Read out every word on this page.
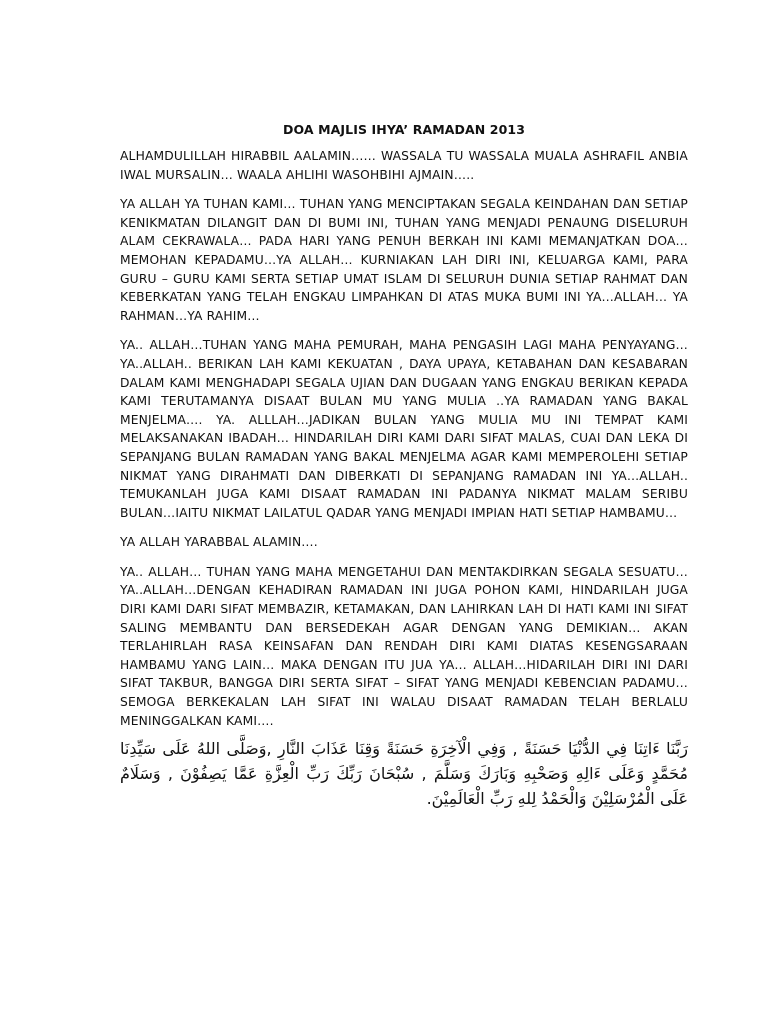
DOA MAJLIS IHYA’ RAMADAN 2013

ALHAMDULILLAH HIRABBIL AALAMIN…… WASSALA TU WASSALA MUALA ASHRAFIL ANBIA IWAL MURSALIN… WAALA AHLIHI WASOHBIHI AJMAIN…..

YA ALLAH YA TUHAN KAMI… TUHAN YANG MENCIPTAKAN SEGALA KEINDAHAN DAN SETIAP KENIKMATAN DILANGIT DAN DI BUMI INI, TUHAN YANG MENJADI PENAUNG DISELURUH ALAM CEKRAWALA… PADA HARI YANG PENUH BERKAH INI KAMI MEMANJATKAN DOA…MEMOHAN KEPADAMU…YA ALLAH… KURNIAKAN LAH DIRI INI, KELUARGA KAMI, PARA GURU – GURU KAMI SERTA SETIAP UMAT ISLAM DI SELURUH DUNIA SETIAP RAHMAT DAN KEBERKATAN YANG TELAH ENGKAU LIMPAHKAN DI ATAS MUKA BUMI INI YA…ALLAH… YA RAHMAN…YA RAHIM…

YA.. ALLAH…TUHAN YANG MAHA PEMURAH, MAHA PENGASIH LAGI MAHA PENYAYANG…YA..ALLAH.. BERIKAN LAH KAMI KEKUATAN , DAYA UPAYA, KETABAHAN DAN KESABARAN DALAM KAMI MENGHADAPI SEGALA UJIAN DAN DUGAAN YANG ENGKAU BERIKAN KEPADA KAMI TERUTAMANYA DISAAT BULAN MU YANG MULIA ..YA RAMADAN YANG BAKAL MENJELMA…. YA. ALLLAH…JADIKAN BULAN YANG MULIA MU INI TEMPAT KAMI MELAKSANAKAN IBADAH… HINDARILAH DIRI KAMI DARI SIFAT MALAS, CUAI DAN LEKA DI SEPANJANG BULAN RAMADAN YANG BAKAL MENJELMA AGAR KAMI MEMPEROLEHI SETIAP NIKMAT YANG DIRAHMATI DAN DIBERKATI DI SEPANJANG RAMADAN INI YA…ALLAH.. TEMUKANLAH JUGA KAMI DISAAT RAMADAN INI PADANYA NIKMAT MALAM SERIBU BULAN…IAITU NIKMAT LAILATUL QADAR YANG MENJADI IMPIAN HATI SETIAP HAMBAMU…

YA ALLAH YARABBAL ALAMIN….

YA.. ALLAH… TUHAN YANG MAHA MENGETAHUI DAN MENTAKDIRKAN SEGALA SESUATU…YA..ALLAH…DENGAN KEHADIRAN RAMADAN INI JUGA POHON KAMI, HINDARILAH JUGA DIRI KAMI DARI SIFAT MEMBAZIR, KETAMAKAN, DAN LAHIRKAN LAH DI HATI KAMI INI SIFAT SALING MEMBANTU DAN BERSEDEKAH AGAR DENGAN YANG DEMIKIAN… AKAN TERLAHIRLAH RASA KEINSAFAN DAN RENDAH DIRI KAMI DIATAS KESENGSARAAN HAMBAMU YANG LAIN… MAKA DENGAN ITU JUA YA… ALLAH…HIDARILAH DIRI INI DARI SIFAT TAKBUR, BANGGA DIRI SERTA SIFAT – SIFAT YANG MENJADI KEBENCIAN PADAMU… SEMOGA BERKEKALAN LAH SIFAT INI WALAU DISAAT RAMADAN TELAH BERLALU MENINGGALKAN KAMI….

رَبَّنَا ءَاتِنَا فِي الدُّنْيَا حَسَنَةً , وَفِي الْآخِرَةِ حَسَنَةً وَقِنَا عَذَابَ النَّارِ ,وَصَلَّى اللهُ عَلَى سَيِّدِنَا مُحَمَّدٍ وَعَلَى ءَالِهِ وَصَحْبِهِ وَبَارَكَ وَسَلَّمَ , سُبْحَانَ رَبِّكَ رَبِّ الْعِزَّةِ عَمَّا يَصِفُوْنَ , وَسَلَامٌ عَلَى الْمُرْسَلِيْنَ وَالْحَمْدُ لِلهِ رَبِّ الْعَالَمِيْنَ.
